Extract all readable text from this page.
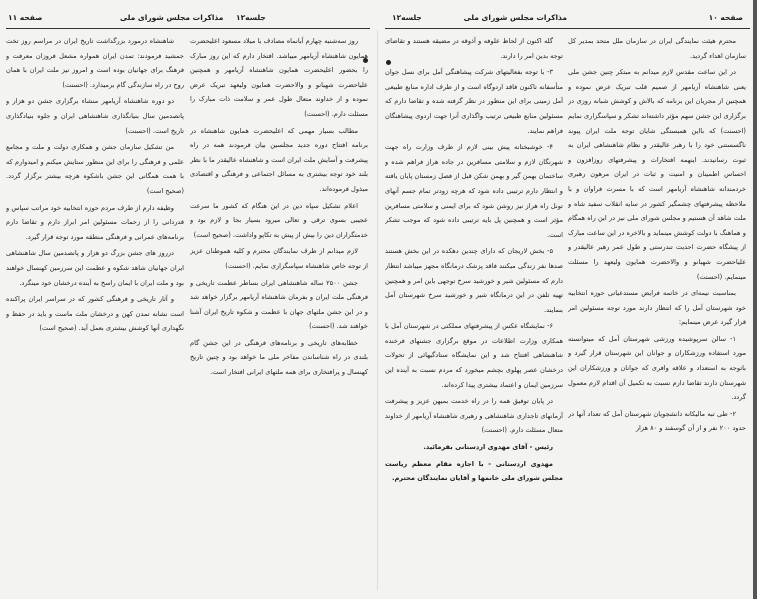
صفحه ۱۰
مذاکرات مجلس شورای ملی
جلسه۱۲
جلسه۱۲
مذاکرات مجلس شورای ملی
صفحه ۱۱

محترم هیئت نمایندگی ایران در سازمان ملل متحد بمدیر کل سازمان اهداء گردید.

در این ساعت مقدس لازم میدانم به مبتکر چنین جشن ملی یعنی شاهنشاه آریامهر از صمیم قلب تبریک عرض نموده و همچنین از مجریان این برنامه که بالاش و کوشش شبانه روزی در برگزاری این جشن سهم مؤثر داشته‌اند تشکر و سپاسگزاری نمایم (احسنت) که بااین همبستگی شایان توجه ملت ایران پیوند ناگسستنی خود را با رهبر عالیقدر و نظام شاهنشاهی ایران به ثبوت رسانیدند. اینهمه افتخارات و پیشرفتهای روزافزون و احساس اطمینان و امنیت و ثبات در ایران مرهون رهبری خردمندانه شاهنشاه آریامهر است که با مسرت فراوان و با ملاحظه پیشرفتهای چشمگیر کشور در سایه انقلاب سفید شاه و ملت شاهد آن هستیم و مجلس شورای ملی نیز در این راه همگام و هماهنگ با دولت کوشش مینماید و بالاخره در این ساعت مبارک از پیشگاه حضرت احدیت تندرستی و طول عمر رهبر عالیقدر و علیاحضرت شهبانو و والاحضرت همایون ولیعهد را مسئلت مینمایم. (احسنت)

بمناسبت نیمه‌ای در خاتمه فرایض مستدعیاتی حوزه انتخابیه خود شهرستان آمل را که انتظار دارند مورد توجه مسئولین امر قرار گیرد عرض مینمایم:

۱- سالن سرپوشیده ورزشی شهرستان آمل که میتوانسته مورد استفاده ورزشکاران و جوانان این شهرستان قرار گیرد و باتوجه به استعداد و علاقه وافری که جوانان و ورزشکاران این شهرستان دارند تقاضا دارم نسبت به تکمیل آن اقدام لازم معمول گردد.

۲- طی تبه مالیکانه دانشجویان شهرستان آمل که تعداد آنها در حدود ۲۰۰ نفر و از آن گوسفند و ۸۰ هزار

گله اکنون از لحاظ علوفه و آذوقه در مضیقه هستند و تقاضای توجه بدین امر را دارند.

۳- با توجه بفعالیتهای شرکت پیشاهنگی آمل برای نسل جوان متأسفانه تاکنون فاقد اردوگاه است و از طرف اداره منابع طبیعی آمل زمینی برای این منظور در نظر گرفته شده و تقاضا دارم که مسئولین منابع طبیعی ترتیب واگذاری آنرا جهت اردوی پیشاهنگان فراهم نمایند.

۴- خوشبختانه پیش بینی لازم از طرف وزارت راه جهت شهرنگان لازم و سلامتی مسافرین در جاده هراز فراهم شده و ساختمان بهمن گیر و بهمن شکن قبل از فصل زمستان پایان یافته و انتظار دارم ترتیبی داده شود که هرچه زودتر تمام جسم آنهای تونل راه هراز نیز روشن شود که برای ایمنی و سلامتی مسافرین مؤثر است و همچنین پل بایه ترتیبی داده شود که موجب تشکر است.

۵- بخش لاریجان که دارای چندین دهکده در این بخش هستند صدها نفر زندگی میکنند فاقد پزشک درمانگاه مجهز میباشد انتظار دارم که مسئولین شیر و خورشید سرخ توجهی باین امر و همچنین تهیه تلفن در این درمانگاه شیر و خورشید سرخ شهرستان آمل بنمایند.

۶- نمایشگاه عکس از پیشرفتهای مملکتی در شهرستان آمل با همکاری وزارت اطلاعات در موقع برگزاری جشنهای فرخنده شاهنشاهی افتتاح شد و این نمایشگاه ستادگیهائی از تحولات درخشان عصر پهلوی بچشم میخورد که مردم نسبت به آینده این سرزمین ایمان و اعتماد بیشتری پیدا کرده‌اند.

در پایان توفیق همه را در راه خدمت بمیهن عزیز و پیشرفت آرمانهای تاجداری شاهنشاهی و رهبری شاهنشاه آریامهر از خداوند متعال مسئلت دارم. (احسنت)

رئیس - آقای مهدوی اردستانی بفرمائید.

مهدوی اردستانی - با اجازه مقام معظم ریاست مجلس شورای ملی خانمها و آقایان نمایندگان محترم.

روز سه‌شنبه چهارم آبانماه مصادف با میلاد مسعود اعلیحضرت همایون شاهنشاه آریامهر میباشد. افتخار دارم که این روز مبارک را بحضور اعلیحضرت همایون شاهنشاه آریامهر و همچنین علیاحضرت شهبانو و والاحضرت همایون ولیعهد تبریک عرض نموده و از خداوند متعال طول عمر و سلامت ذات مبارک را مسئلت دارم. (احسنت)

مطالب بسیار مهمی که اعلیحضرت همایون شاهنشاه در برنامه افتتاح دوره جدید مجلسین بیان فرمودند همه در راه پیشرفت و آسایش ملت ایران است و شاهنشاه عالیقدر ما با نظر بلند خود توجه بیشتری به مسائل اجتماعی و فرهنگی و اقتصادی مبذول فرموده‌اند.

اعلام تشکیل سپاه دین در این هنگام که کشور ما سرعت عجیبی بسوی ترقی و تعالی میرود بسیار بجا و لازم بود و خدمتگزاران دین را بیش از پیش به تکاپو واداشت. (صحیح است)

لازم میدانم از طرف نمایندگان محترم و کلیه هموطنان عزیز از توجه خاص شاهنشاه سپاسگزاری نمایم. (احسنت)

جشن ۲۵۰۰ ساله شاهنشاهی ایران بساطر عظمت تاریخی و فرهنگی ملت ایران و بفرمان شاهنشاه آریامهر برگزار خواهد شد و در این جشن ملتهای جهان با عظمت و شکوه تاریخ ایران آشنا خواهند شد. (احسنت)

خطابه‌های تاریخی و برنامه‌های فرهنگی در این جشن گام بلندی در راه شناساندن مفاخر ملی ما خواهد بود و چنین تاریخ کهنسال و پرافتخاری برای همه ملتهای ایرانی افتخار است.

شاهنشاه درمورد بزرگداشت تاریخ ایران در مراسم روز تخت جمشید فرمودند: تمدن ایران همواره مشعل فروزان معرفت و فرهنگ برای جهانیان بوده است و امروز نیز ملت ایران با همان روح در راه سازندگی گام برمیدارد. (احسنت)

دو دوره شاهنشاه آریامهر منشاء برگزاری جشن دو هزار و پانصدمین سال بنیانگذاری شاهنشاهی ایران و جلوه بنیادگذاری تاریخ است. (احسنت)

من تشکیل سازمان جشن و همکاری دولت و ملت و مجامع علمی و فرهنگی را برای این منظور ستایش میکنم و امیدوارم که با همت همگانی این جشن باشکوه هرچه بیشتر برگزار گردد. (صحیح است)

وظیفه دارم از طرف مردم حوزه انتخابیه خود مراتب سپاس و قدردانی را از زحمات مسئولین امر ابراز دارم و تقاضا دارم برنامه‌های عمرانی و فرهنگی منطقه مورد توجه قرار گیرد.

درروز های جشن بزرگ دو هزار و پانصدمین سال شاهنشاهی ایران جهانیان شاهد شکوه و عظمت این سرزمین کهنسال خواهند بود و ملت ایران با ایمان راسخ به آینده درخشان خود مینگرد.

و آثار تاریخی و فرهنگی کشور که در سراسر ایران پراکنده است نشانه تمدن کهن و درخشان ملت ماست و باید در حفظ و نگهداری آنها کوشش بیشتری بعمل آید. (صحیح است)
